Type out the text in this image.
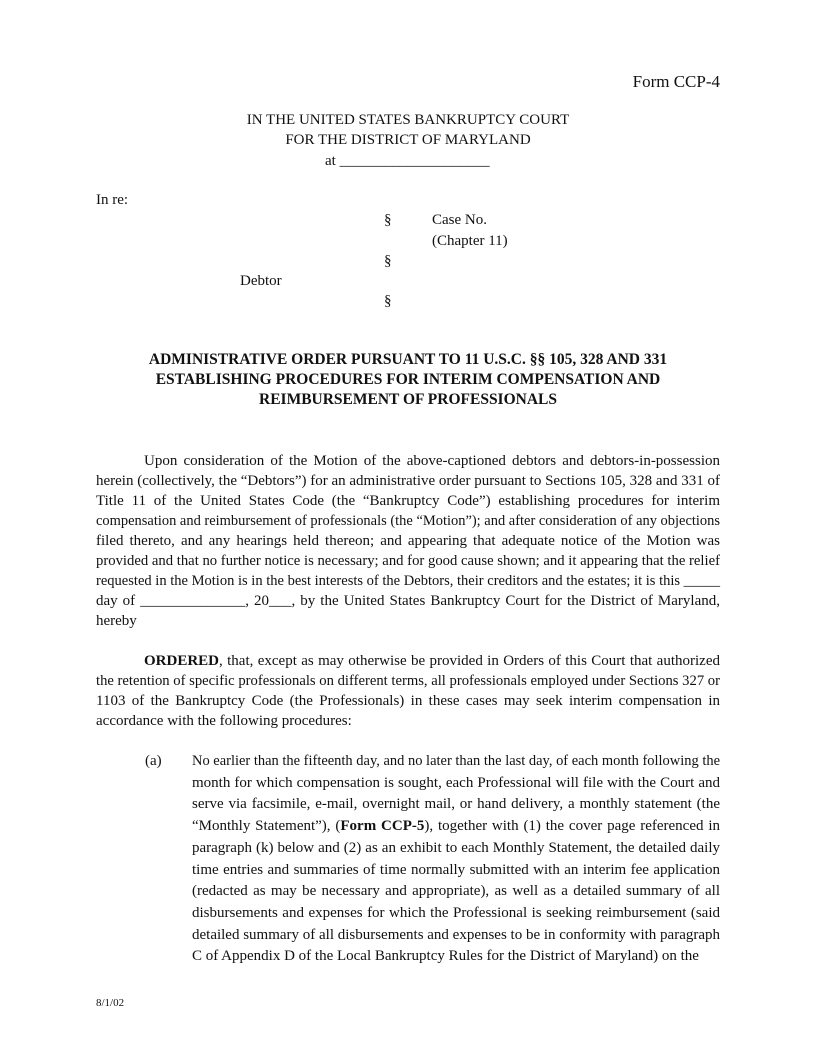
Form CCP-4
IN THE UNITED STATES BANKRUPTCY COURT
FOR THE DISTRICT OF MARYLAND
at ____________________
In re:
§
§
§
Case No.
(Chapter 11)
Debtor
ADMINISTRATIVE ORDER PURSUANT TO 11 U.S.C. §§ 105, 328 AND 331
ESTABLISHING PROCEDURES FOR INTERIM COMPENSATION AND
REIMBURSEMENT OF PROFESSIONALS
Upon consideration of the Motion of the above-captioned debtors and debtors-in-possession
herein (collectively, the “Debtors”) for an administrative order pursuant to Sections 105, 328 and 331 of
Title 11 of the United States Code (the “Bankruptcy Code”) establishing procedures for interim
compensation and reimbursement of professionals (the “Motion”); and after consideration of any objections
filed thereto, and any hearings held thereon; and appearing that adequate notice of the Motion was
provided and that no further notice is necessary; and for good cause shown; and it appearing that the relief
requested in the Motion is in the best interests of the Debtors, their creditors and the estates; it is this _____
day of ______________, 20___, by the United States Bankruptcy Court for the District of Maryland,
hereby
ORDERED, that, except as may otherwise be provided in Orders of this Court that authorized
the retention of specific professionals on different terms, all professionals employed under Sections 327 or
1103 of the Bankruptcy Code (the Professionals) in these cases may seek interim compensation in
accordance with the following procedures:
(a) No earlier than the fifteenth day, and no later than the last day, of each month following the
month for which compensation is sought, each Professional will file with the Court and
serve via facsimile, e-mail, overnight mail, or hand delivery, a monthly statement (the
“Monthly Statement”), (Form CCP-5), together with (1) the cover page referenced in
paragraph (k) below and (2) as an exhibit to each Monthly Statement, the detailed daily
time entries and summaries of time normally submitted with an interim fee application
(redacted as may be necessary and appropriate), as well as a detailed summary of all
disbursements and expenses for which the Professional is seeking reimbursement (said
detailed summary of all disbursements and expenses to be in conformity with paragraph
C of Appendix D of the Local Bankruptcy Rules for the District of Maryland) on the
8/1/02
